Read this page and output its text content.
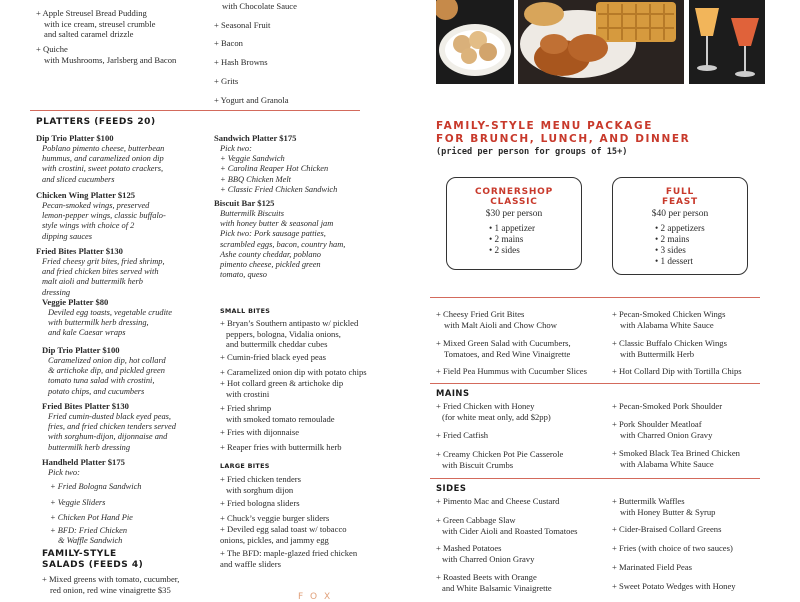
+ Apple Streusel Bread Pudding
with ice cream, streusel crumble
and salted caramel drizzle
+ Quiche
with Mushrooms, Jarlsberg and Bacon
PLATTERS (FEEDS 20)
Dip Trio Platter $100
Poblano pimento cheese, butterbean
hummus, and caramelized onion dip
with crostini, sweet potato crackers,
and sliced cucumbers
Chicken Wing Platter $125
Pecan-smoked wings, preserved
lemon-pepper wings, classic buffalo-
style wings with choice of 2
dipping sauces
Fried Bites Platter $130
Fried cheesy grit bites, fried shrimp,
and fried chicken bites served with
malt aioli and buttermilk herb
dressing
Veggie Platter $80
Deviled egg toasts, vegetable crudite
with buttermilk herb dressing,
and kale Caesar wraps
Dip Trio Platter $100
Caramelized onion dip, hot collard
& artichoke dip, and pickled green
tomato tuna salad with crostini,
potato chips, and cucumbers
Fried Bites Platter $130
Fried cumin-dusted black eyed peas,
fries, and fried chicken tenders served
with sorghum-dijon, dijonnaise and
buttermilk herb dressing
Handheld Platter $175
Pick two:
+ Fried Bologna Sandwich
+ Veggie Sliders
+ Chicken Pot Hand Pie
+ BFD: Fried Chicken
& Waffle Sandwich
FAMILY-STYLE
SALADS (FEEDS 4)
+ Mixed greens with tomato, cucumber,
red onion, red wine vinaigrette $35
with Chocolate Sauce
+ Seasonal Fruit
+ Bacon
+ Hash Browns
+ Grits
+ Yogurt and Granola
Sandwich Platter $175
Pick two:
+ Veggie Sandwich
+ Carolina Reaper Hot Chicken
+ BBQ Chicken Melt
+ Classic Fried Chicken Sandwich
Biscuit Bar $125
Buttermilk Biscuits
with honey butter & seasonal jam
Pick two: Pork sausage patties,
scrambled eggs, bacon, country ham,
Ashe county cheddar, poblano
pimento cheese, pickled green
tomato, queso
SMALL BITES
+ Bryan’s Southern antipasto w/ pickled
peppers, bologna, Vidalia onions,
and buttermilk cheddar cubes
+ Cumin-fried black eyed peas
+ Caramelized onion dip with potato chips
+ Hot collard green & artichoke dip
with crostini
+ Fried shrimp
with smoked tomato remoulade
+ Fries with dijonnaise
+ Reaper fries with buttermilk herb
LARGE BITES
+ Fried chicken tenders
with sorghum dijon
+ Fried bologna sliders
+ Chuck’s veggie burger sliders
+ Deviled egg salad toast w/ tobacco
onions, pickles, and jammy egg
+ The BFD: maple-glazed fried chicken
and waffle sliders
F O X
FAMILY-STYLE MENU PACKAGE
FOR BRUNCH, LUNCH, AND DINNER
(priced per person for groups of 15+)
CORNERSHOP
CLASSIC
$30 per person
• 1 appetizer
• 2 mains
• 2 sides
FULL
FEAST
$40 per person
• 2 appetizers
• 2 mains
• 3 sides
• 1 dessert
+ Cheesy Fried Grit Bites
with Malt Aioli and Chow Chow
+ Mixed Green Salad with Cucumbers,
Tomatoes, and Red Wine Vinaigrette
+ Field Pea Hummus with Cucumber Slices
+ Pecan-Smoked Chicken Wings
with Alabama White Sauce
+ Classic Buffalo Chicken Wings
with Buttermilk Herb
+ Hot Collard Dip with Tortilla Chips
MAINS
+ Fried Chicken with Honey
(for white meat only, add $2pp)
+ Fried Catfish
+ Creamy Chicken Pot Pie Casserole
with Biscuit Crumbs
+ Pecan-Smoked Pork Shoulder
+ Pork Shoulder Meatloaf
with Charred Onion Gravy
+ Smoked Black Tea Brined Chicken
with Alabama White Sauce
SIDES
+ Pimento Mac and Cheese Custard
+ Green Cabbage Slaw
with Cider Aioli and Roasted Tomatoes
+ Mashed Potatoes
with Charred Onion Gravy
+ Roasted Beets with Orange
and White Balsamic Vinaigrette
+ Buttermilk Waffles
with Honey Butter & Syrup
+ Cider-Braised Collard Greens
+ Fries (with choice of two sauces)
+ Marinated Field Peas
+ Sweet Potato Wedges with Honey
